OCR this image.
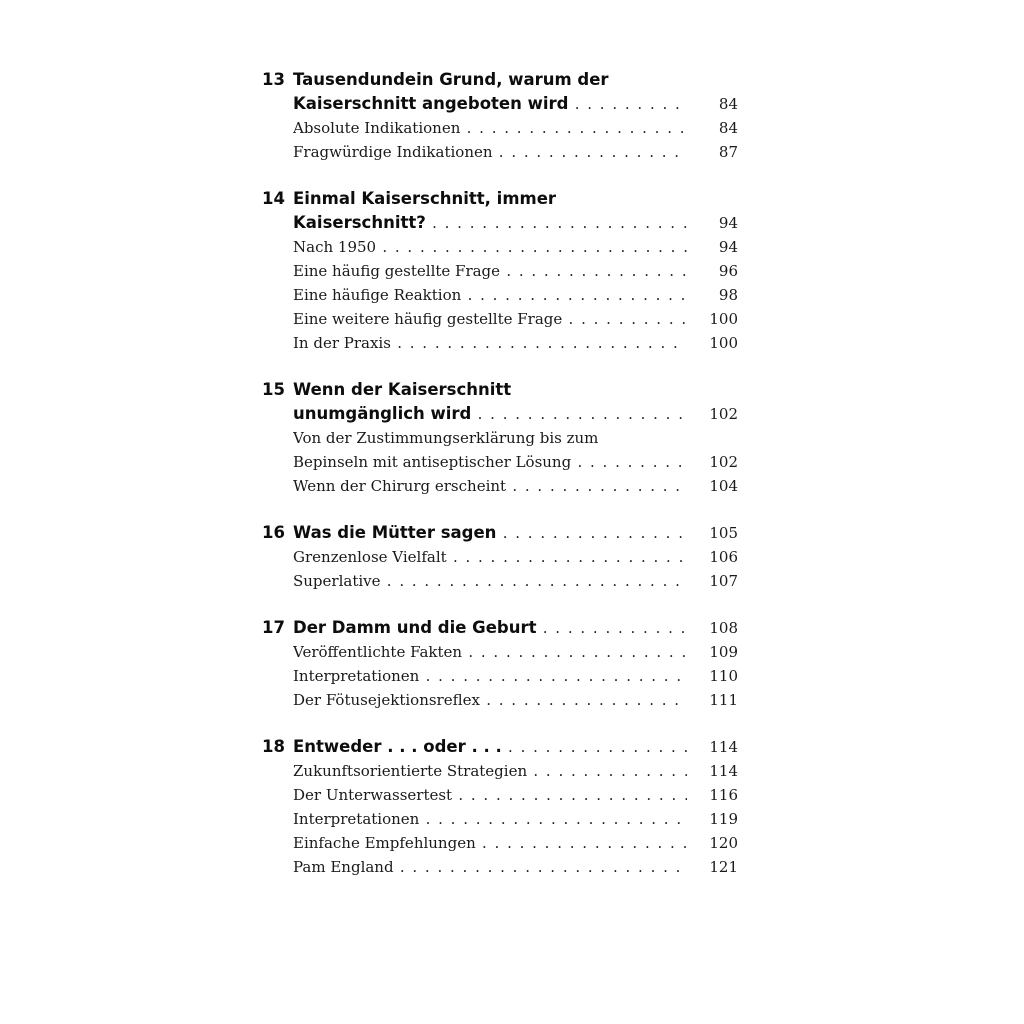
13 Tausendundein Grund, warum der
Kaiserschnitt angeboten wird . . .	84
Absolute Indikationen . . .	84
Fragwürdige Indikationen . . .	87
14 Einmal Kaiserschnitt, immer
Kaiserschnitt? . . .	94
Nach 1950 . . .	94
Eine häufig gestellte Frage . . .	96
Eine häufige Reaktion . . .	98
Eine weitere häufig gestellte Frage . . .	100
In der Praxis . . .	100
15 Wenn der Kaiserschnitt
unumgänglich wird . . .	102
Von der Zustimmungserklärung bis zum
Bepinseln mit antiseptischer Lösung . . .	102
Wenn der Chirurg erscheint . . .	104
16 Was die Mütter sagen . . .	105
Grenzenlose Vielfalt . . .	106
Superlative . . .	107
17 Der Damm und die Geburt . . .	108
Veröffentlichte Fakten . . .	109
Interpretationen . . .	110
Der Fötusejektionsreflex . . .	111
18 Entweder . . . oder . . . . . .	114
Zukunftsorientierte Strategien . . .	114
Der Unterwassertest . . .	116
Interpretationen . . .	119
Einfache Empfehlungen . . .	120
Pam England . . .	121
